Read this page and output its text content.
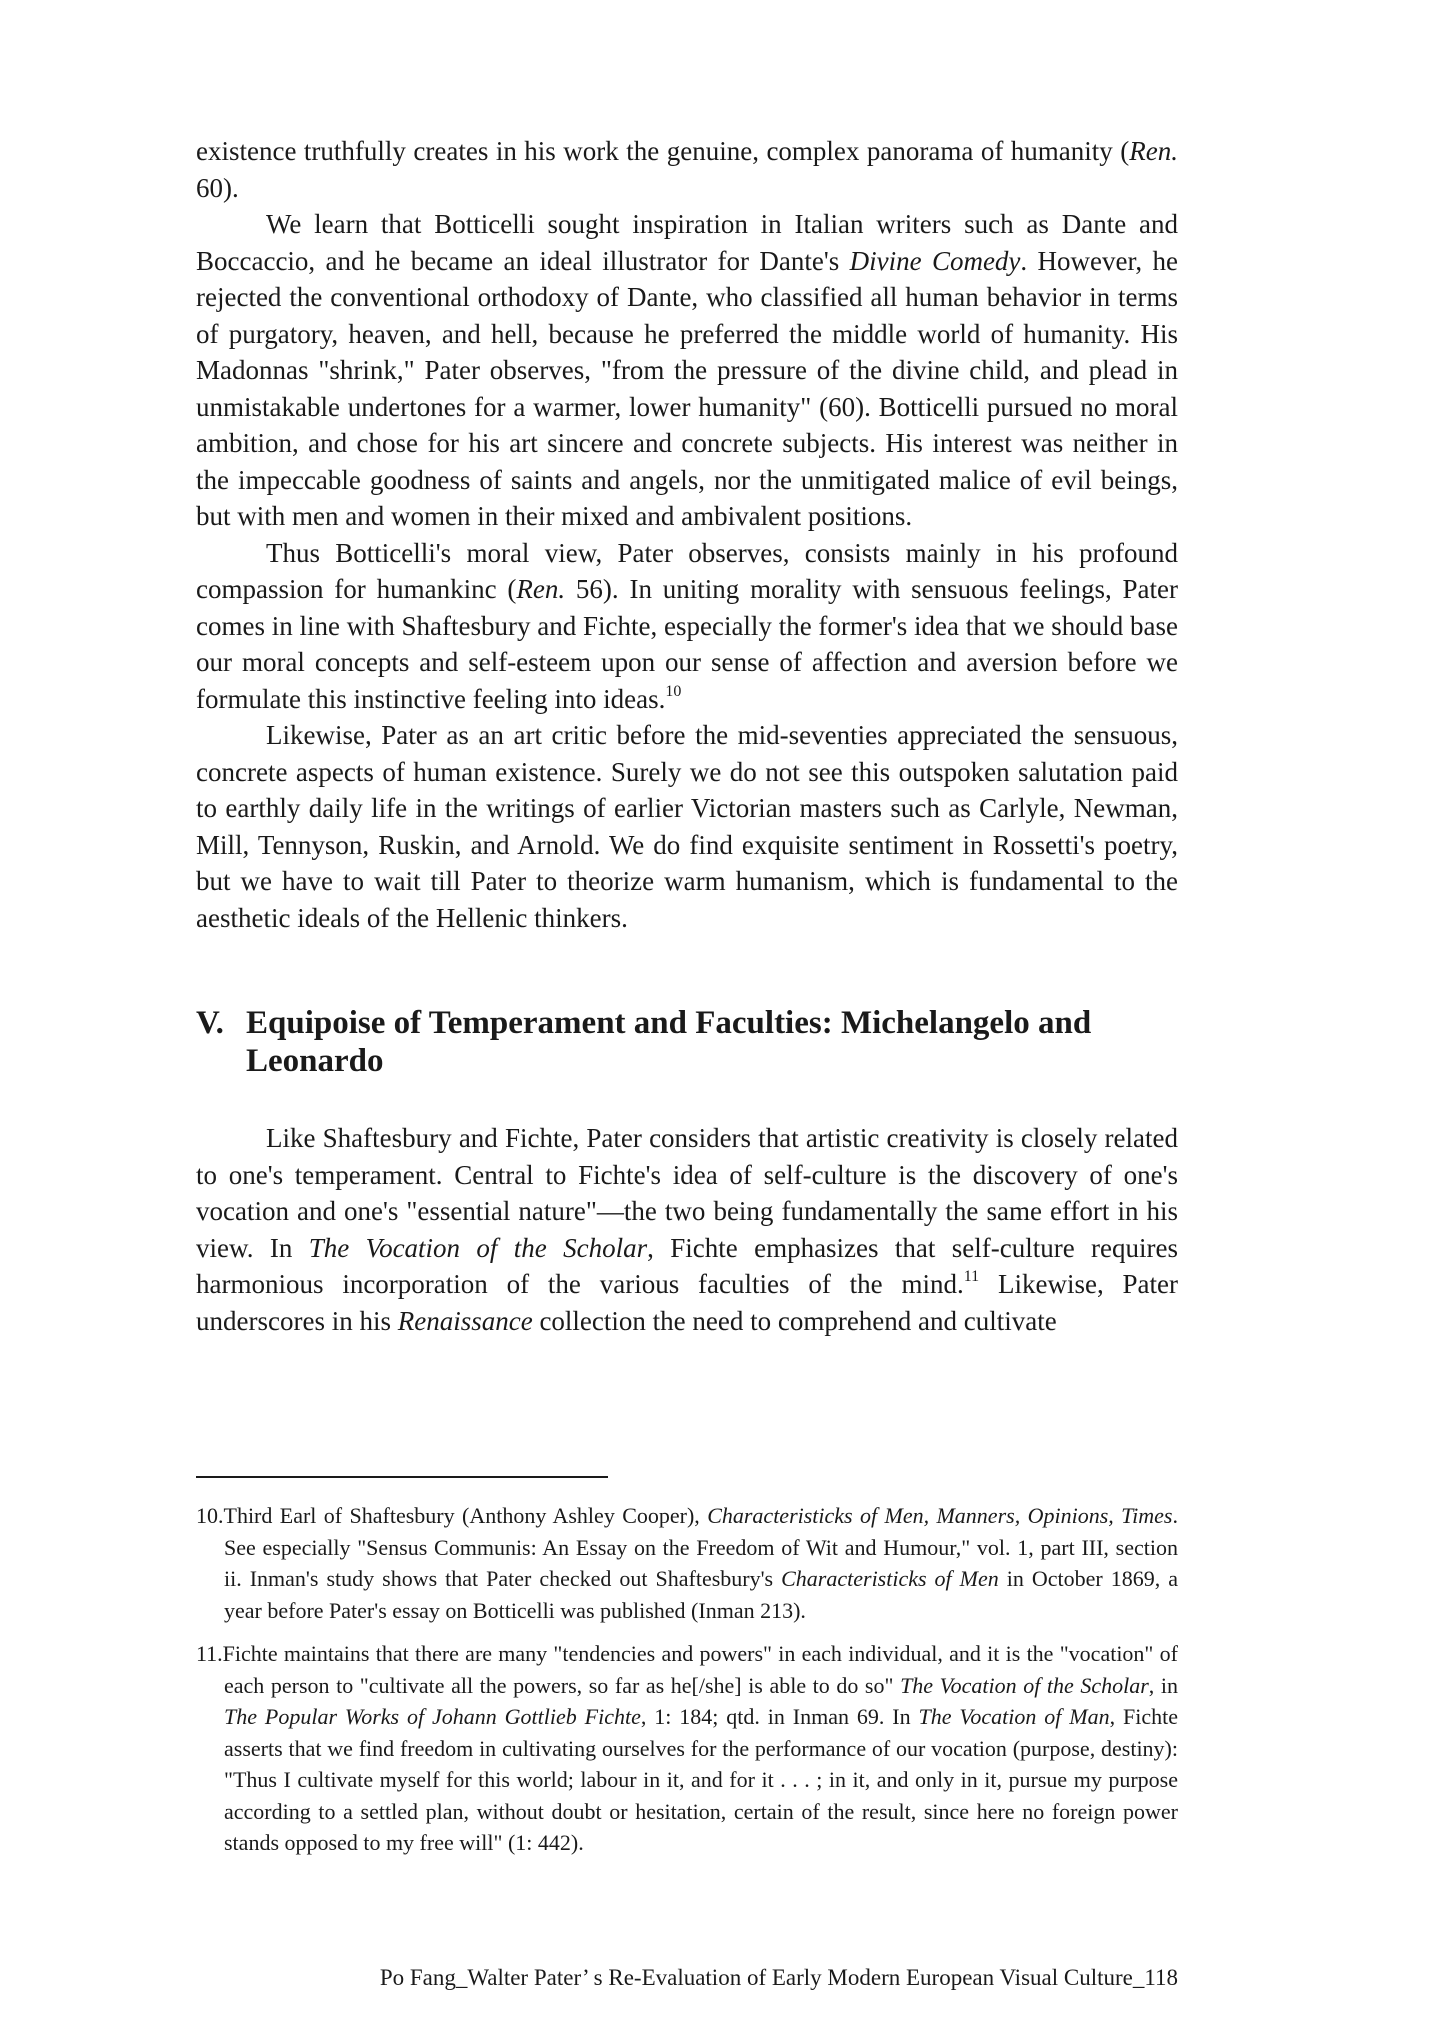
existence truthfully creates in his work the genuine, complex panorama of humanity (Ren. 60).

We learn that Botticelli sought inspiration in Italian writers such as Dante and Boccaccio, and he became an ideal illustrator for Dante's Divine Comedy. However, he rejected the conventional orthodoxy of Dante, who classified all human behavior in terms of purgatory, heaven, and hell, because he preferred the middle world of humanity. His Madonnas "shrink," Pater observes, "from the pressure of the divine child, and plead in unmistakable undertones for a warmer, lower humanity" (60). Botticelli pursued no moral ambition, and chose for his art sincere and concrete subjects. His interest was neither in the impeccable goodness of saints and angels, nor the unmitigated malice of evil beings, but with men and women in their mixed and ambivalent positions.

Thus Botticelli's moral view, Pater observes, consists mainly in his profound compassion for humankinc (Ren. 56). In uniting morality with sensuous feelings, Pater comes in line with Shaftesbury and Fichte, especially the former's idea that we should base our moral concepts and self-esteem upon our sense of affection and aversion before we formulate this instinctive feeling into ideas.$^{10}$

Likewise, Pater as an art critic before the mid-seventies appreciated the sensuous, concrete aspects of human existence. Surely we do not see this outspoken salutation paid to earthly daily life in the writings of earlier Victorian masters such as Carlyle, Newman, Mill, Tennyson, Ruskin, and Arnold. We do find exquisite sentiment in Rossetti's poetry, but we have to wait till Pater to theorize warm humanism, which is fundamental to the aesthetic ideals of the Hellenic thinkers.

V. Equipoise of Temperament and Faculties: Michelangelo and Leonardo

Like Shaftesbury and Fichte, Pater considers that artistic creativity is closely related to one's temperament. Central to Fichte's idea of self-culture is the discovery of one's vocation and one's "essential nature"—the two being fundamentally the same effort in his view. In The Vocation of the Scholar, Fichte emphasizes that self-culture requires harmonious incorporation of the various faculties of the mind.$^{11}$ Likewise, Pater underscores in his Renaissance collection the need to comprehend and cultivate

10.Third Earl of Shaftesbury (Anthony Ashley Cooper), Characteristicks of Men, Manners, Opinions, Times. See especially "Sensus Communis: An Essay on the Freedom of Wit and Humour," vol. 1, part III, section ii. Inman's study shows that Pater checked out Shaftesbury's Characteristicks of Men in October 1869, a year before Pater's essay on Botticelli was published (Inman 213).

11.Fichte maintains that there are many "tendencies and powers" in each individual, and it is the "vocation" of each person to "cultivate all the powers, so far as he[/she] is able to do so" The Vocation of the Scholar, in The Popular Works of Johann Gottlieb Fichte, 1: 184; qtd. in Inman 69. In The Vocation of Man, Fichte asserts that we find freedom in cultivating ourselves for the performance of our vocation (purpose, destiny): "Thus I cultivate myself for this world; labour in it, and for it . . . ; in it, and only in it, pursue my purpose according to a settled plan, without doubt or hesitation, certain of the result, since here no foreign power stands opposed to my free will" (1: 442).

Po Fang_Walter Pater’ s Re-Evaluation of Early Modern European Visual Culture_118
